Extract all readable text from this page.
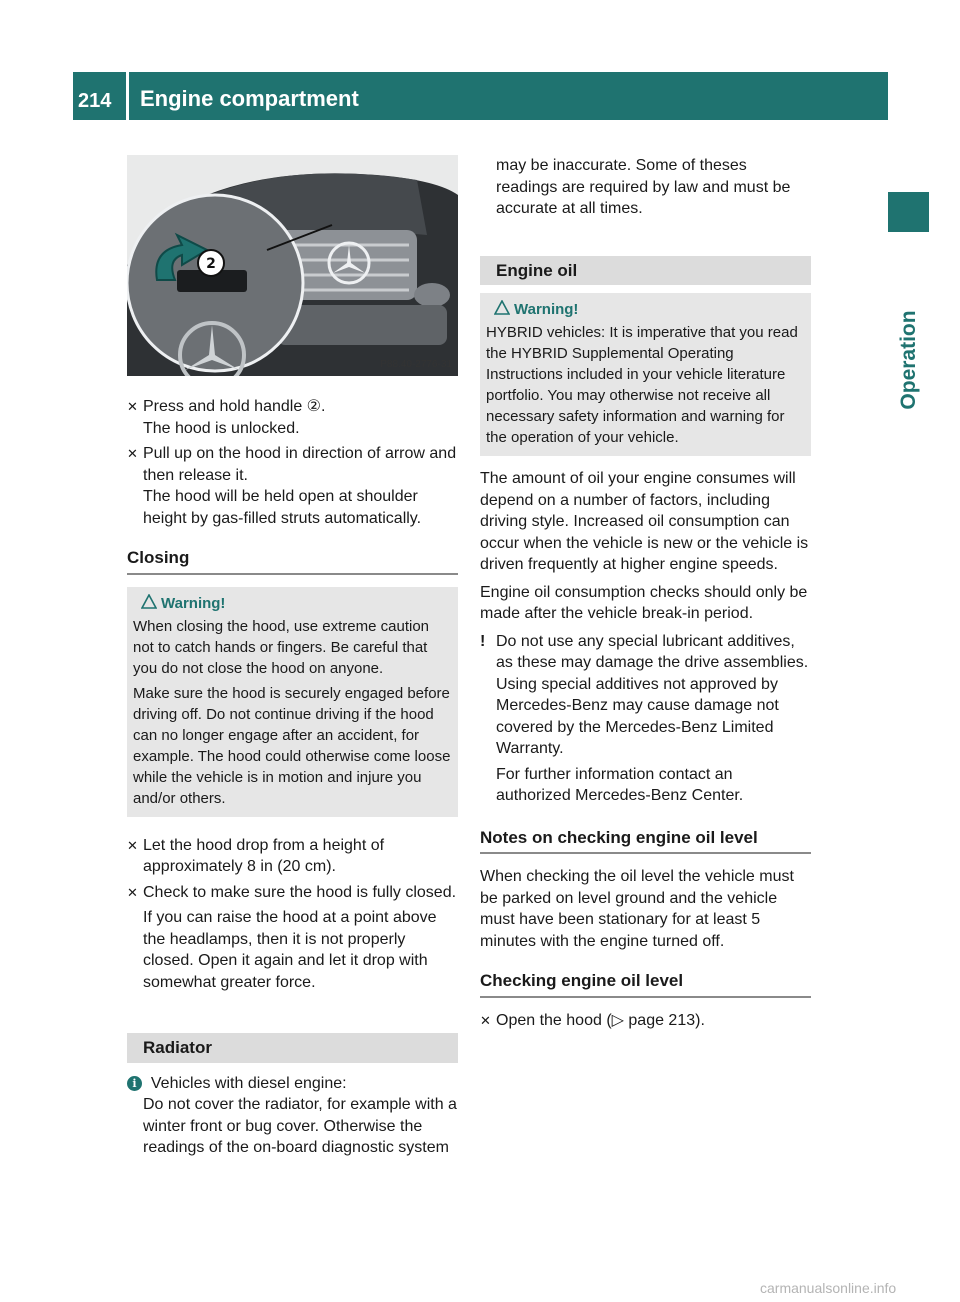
214 Engine compartment
Operation
2
P88.40-2776-31
✕ Press and hold handle ②.

The hood is unlocked.

✕ Pull up on the hood in direction of arrow and then release it.

The hood will be held open at shoulder height by gas-filled struts automatically.

Closing
Warning!

When closing the hood, use extreme caution not to catch hands or fingers. Be careful that you do not close the hood on anyone.

Make sure the hood is securely engaged before driving off. Do not continue driving if the hood can no longer engage after an accident, for example. The hood could otherwise come loose while the vehicle is in motion and injure you and/or others.

✕ Let the hood drop from a height of approximately 8 in (20 cm).

✕ Check to make sure the hood is fully closed.

If you can raise the hood at a point above the headlamps, then it is not properly closed. Open it again and let it drop with somewhat greater force.

Radiator

i Vehicles with diesel engine:

Do not cover the radiator, for example with a winter front or bug cover. Otherwise the readings of the on-board diagnostic system

may be inaccurate. Some of theses readings are required by law and must be accurate at all times.

Engine oil
Warning!

HYBRID vehicles: It is imperative that you read the HYBRID Supplemental Operating Instructions included in your vehicle literature portfolio. You may otherwise not receive all necessary safety information and warning for the operation of your vehicle.

The amount of oil your engine consumes will depend on a number of factors, including driving style. Increased oil consumption can occur when the vehicle is new or the vehicle is driven frequently at higher engine speeds.

Engine oil consumption checks should only be made after the vehicle break-in period.

! Do not use any special lubricant additives, as these may damage the drive assemblies. Using special additives not approved by Mercedes-Benz may cause damage not covered by the Mercedes-Benz Limited Warranty.

For further information contact an authorized Mercedes-Benz Center.

Notes on checking engine oil level

When checking the oil level the vehicle must be parked on level ground and the vehicle must have been stationary for at least 5 minutes with the engine turned off.

Checking engine oil level
✕ Open the hood (▷ page 213).

carmanualsonline.info
